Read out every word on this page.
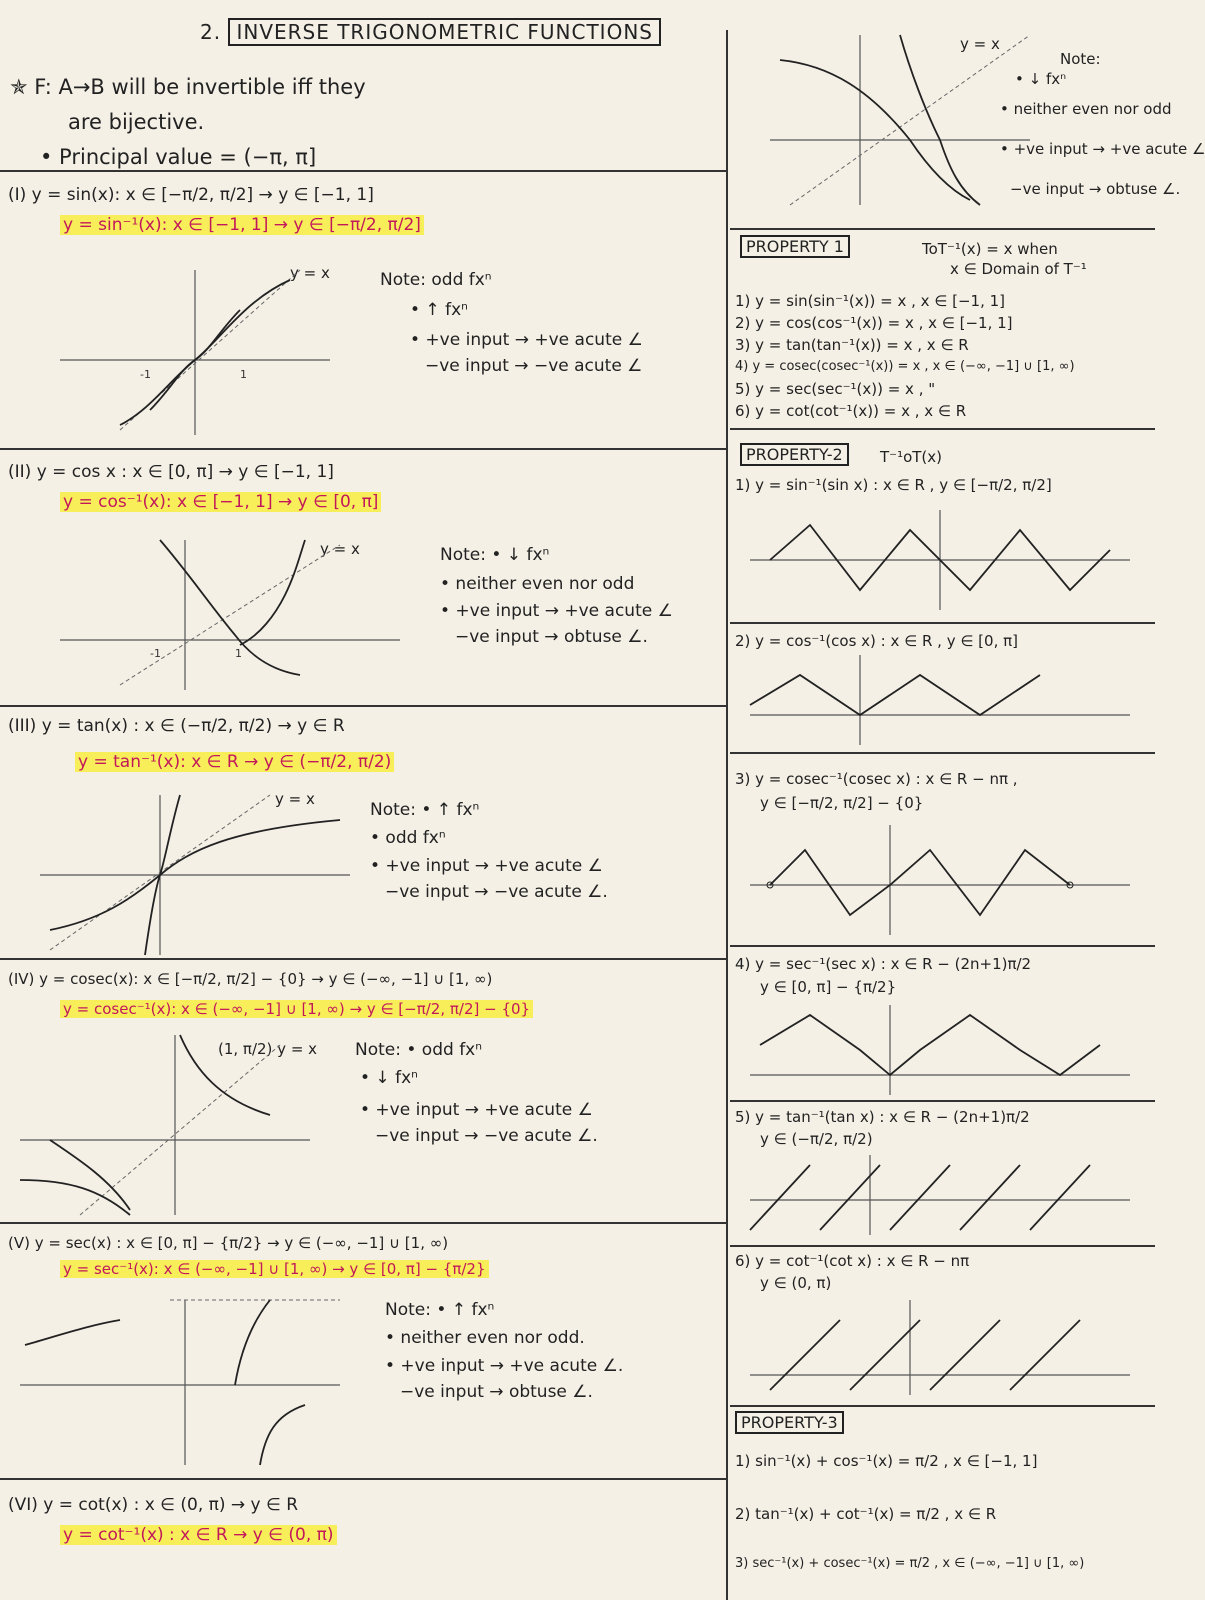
2. INVERSE TRIGONOMETRIC FUNCTIONS
✯ F: A→B will be invertible iff they
are bijective.
• Principal value = (−π, π]
(I) y = sin(x): x ∈ [−π/2, π/2] → y ∈ [−1, 1]
y = sin⁻¹(x): x ∈ [−1, 1] → y ∈ [−π/2, π/2]
y = x	Note: odd fxⁿ
• ↑ fxⁿ
• +ve input → +ve acute ∠
−ve input → −ve acute ∠
1
-1
(II) y = cos x : x ∈ [0, π] → y ∈ [−1, 1]
y = cos⁻¹(x): x ∈ [−1, 1] → y ∈ [0, π]
y = x	Note: • ↓ fxⁿ
• neither even nor odd
• +ve input → +ve acute ∠
−ve input → obtuse ∠.
1
-1
(III) y = tan(x) : x ∈ (−π/2, π/2) → y ∈ R
y = tan⁻¹(x): x ∈ R → y ∈ (−π/2, π/2)
y = x
Note: • ↑ fxⁿ
• odd fxⁿ
• +ve input → +ve acute ∠
−ve input → −ve acute ∠.
(IV) y = cosec(x): x ∈ [−π/2, π/2] − {0} → y ∈ (−∞, −1] ∪ [1, ∞)
y = cosec⁻¹(x): x ∈ (−∞, −1] ∪ [1, ∞) → y ∈ [−π/2, π/2] − {0}
(1, π/2) y = x Note: • odd fxⁿ
• ↓ fxⁿ
• +ve input → +ve acute ∠
−ve input → −ve acute ∠.
(V) y = sec(x) : x ∈ [0, π] − {π/2} → y ∈ (−∞, −1] ∪ [1, ∞)
y = sec⁻¹(x): x ∈ (−∞, −1] ∪ [1, ∞) → y ∈ [0, π] − {π/2}
Note: • ↑ fxⁿ
• neither even nor odd.
• +ve input → +ve acute ∠.
−ve input → obtuse ∠.
(VI) y = cot(x) : x ∈ (0, π) → y ∈ R
y = cot⁻¹(x) : x ∈ R → y ∈ (0, π)
y = x
Note:
• ↓ fxⁿ
• neither even nor odd
• +ve input → +ve acute ∠
−ve input → obtuse ∠.
PROPERTY 1	ToT⁻¹(x) = x when
x ∈ Domain of T⁻¹
1) y = sin(sin⁻¹(x)) = x , x ∈ [−1, 1]
2) y = cos(cos⁻¹(x)) = x , x ∈ [−1, 1]
3) y = tan(tan⁻¹(x)) = x , x ∈ R
4) y = cosec(cosec⁻¹(x)) = x , x ∈ (−∞, −1] ∪ [1, ∞)
5) y = sec(sec⁻¹(x)) = x , "
6) y = cot(cot⁻¹(x)) = x , x ∈ R
PROPERTY-2	T⁻¹oT(x)
1) y = sin⁻¹(sin x) : x ∈ R , y ∈ [−π/2, π/2]
2) y = cos⁻¹(cos x) : x ∈ R , y ∈ [0, π]
3) y = cosec⁻¹(cosec x) : x ∈ R − nπ ,
y ∈ [−π/2, π/2] − {0}
4) y = sec⁻¹(sec x) : x ∈ R − (2n+1)π/2
y ∈ [0, π] − {π/2}
5) y = tan⁻¹(tan x) : x ∈ R − (2n+1)π/2
y ∈ (−π/2, π/2)
6) y = cot⁻¹(cot x) : x ∈ R − nπ
y ∈ (0, π)
PROPERTY-3
1) sin⁻¹(x) + cos⁻¹(x) = π/2 , x ∈ [−1, 1]
2) tan⁻¹(x) + cot⁻¹(x) = π/2 , x ∈ R
3) sec⁻¹(x) + cosec⁻¹(x) = π/2 , x ∈ (−∞, −1] ∪ [1, ∞)
